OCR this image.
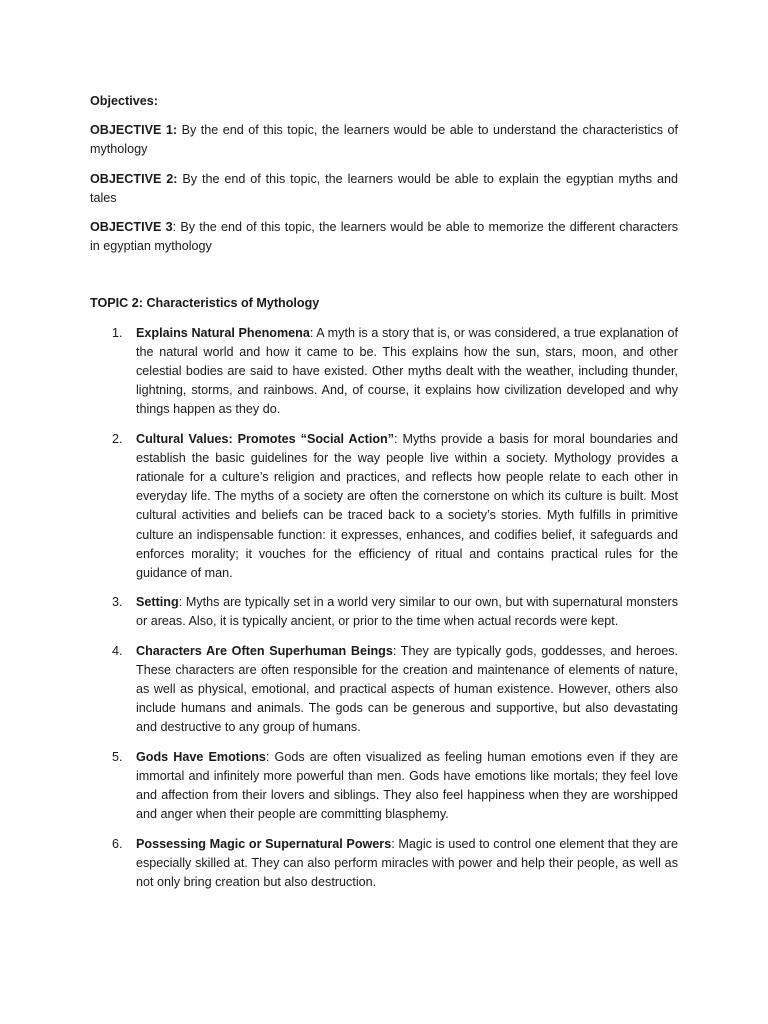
Objectives:

OBJECTIVE 1: By the end of this topic, the learners would be able to understand the characteristics of mythology

OBJECTIVE 2: By the end of this topic, the learners would be able to explain the egyptian myths and tales

OBJECTIVE 3: By the end of this topic, the learners would be able to memorize the different characters in egyptian mythology

TOPIC 2: Characteristics of Mythology

1. Explains Natural Phenomena: A myth is a story that is, or was considered, a true explanation of the natural world and how it came to be. This explains how the sun, stars, moon, and other celestial bodies are said to have existed. Other myths dealt with the weather, including thunder, lightning, storms, and rainbows. And, of course, it explains how civilization developed and why things happen as they do.
2. Cultural Values: Promotes “Social Action”: Myths provide a basis for moral boundaries and establish the basic guidelines for the way people live within a society. Mythology provides a rationale for a culture’s religion and practices, and reflects how people relate to each other in everyday life. The myths of a society are often the cornerstone on which its culture is built. Most cultural activities and beliefs can be traced back to a society’s stories. Myth fulfills in primitive culture an indispensable function: it expresses, enhances, and codifies belief, it safeguards and enforces morality; it vouches for the efficiency of ritual and contains practical rules for the guidance of man.
3. Setting: Myths are typically set in a world very similar to our own, but with supernatural monsters or areas. Also, it is typically ancient, or prior to the time when actual records were kept.
4. Characters Are Often Superhuman Beings: They are typically gods, goddesses, and heroes. These characters are often responsible for the creation and maintenance of elements of nature, as well as physical, emotional, and practical aspects of human existence. However, others also include humans and animals. The gods can be generous and supportive, but also devastating and destructive to any group of humans.
5. Gods Have Emotions: Gods are often visualized as feeling human emotions even if they are immortal and infinitely more powerful than men. Gods have emotions like mortals; they feel love and affection from their lovers and siblings. They also feel happiness when they are worshipped and anger when their people are committing blasphemy.
6. Possessing Magic or Supernatural Powers: Magic is used to control one element that they are especially skilled at. They can also perform miracles with power and help their people, as well as not only bring creation but also destruction.
